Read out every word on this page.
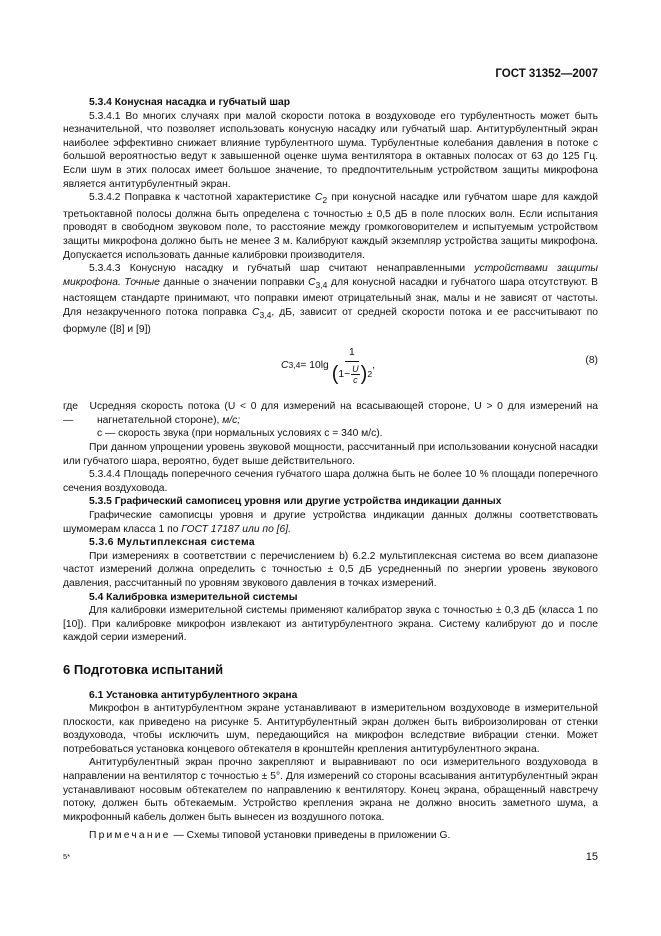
ГОСТ 31352—2007

5.3.4 Конусная насадка и губчатый шар

5.3.4.1 Во многих случаях при малой скорости потока в воздуховоде его турбулентность может быть незначительной, что позволяет использовать конусную насадку или губчатый шар. Антитурбулентный экран наиболее эффективно снижает влияние турбулентного шума. Турбулентные колебания давления в потоке с большой вероятностью ведут к завышенной оценке шума вентилятора в октавных полосах от 63 до 125 Гц. Если шум в этих полосах имеет большое значение, то предпочтительным устройством защиты микрофона является антитурбулентный экран.

5.3.4.2 Поправка к частотной характеристике $C_2$ при конусной насадке или губчатом шаре для каждой третьоктавной полосы должна быть определена с точностью ± 0,5 дБ в поле плоских волн. Если испытания проводят в свободном звуковом поле, то расстояние между громкоговорителем и испытуемым устройством защиты микрофона должно быть не менее 3 м. Калибруют каждый экземпляр устройства защиты микрофона. Допускается использовать данные калибровки производителя.

5.3.4.3 Конусную насадку и губчатый шар считают ненаправленными устройствами защиты микрофона. Точные данные о значении поправки $C_{3,4}$ для конусной насадки и губчатого шара отсутствуют. В настоящем стандарте принимают, что поправки имеют отрицательный знак, малы и не зависят от частоты. Для незакрученного потока поправка $C_{3,4}$, дБ, зависит от средней скорости потока и ее рассчитывают по формуле ([8] и [9])

C 3,4 = 10lg
1
( $1- \frac{U}{c}$ ) 2
,	(8)
где U —
средняя скорость потока (U < 0 для измерений на всасывающей стороне, U > 0 для измерений на нагнетательной стороне), м/с;

c — скорость звука (при нормальных условиях c = 340 м/с).

При данном упрощении уровень звуковой мощности, рассчитанный при использовании конусной насадки или губчатого шара, вероятно, будет выше действительного.

5.3.4.4 Площадь поперечного сечения губчатого шара должна быть не более 10 % площади поперечного сечения воздуховода.

5.3.5 Графический самописец уровня или другие устройства индикации данных

Графические самописцы уровня и другие устройства индикации данных должны соответствовать шумомерам класса 1 по ГОСТ 17187 или по [6].

5.3.6 Мультиплексная система

При измерениях в соответствии с перечислением b) 6.2.2 мультиплексная система во всем диапазоне частот измерений должна определить с точностью ± 0,5 дБ усредненный по энергии уровень звукового давления, рассчитанный по уровням звукового давления в точках измерений.

5.4 Калибровка измерительной системы

Для калибровки измерительной системы применяют калибратор звука с точностью ± 0,3 дБ (класса 1 по [10]). При калибровке микрофон извлекают из антитурбулентного экрана. Систему калибруют до и после каждой серии измерений.

6 Подготовка испытаний

6.1 Установка антитурбулентного экрана

Микрофон в антитурбулентном экране устанавливают в измерительном воздуховоде в измерительной плоскости, как приведено на рисунке 5. Антитурбулентный экран должен быть виброизолирован от стенки воздуховода, чтобы исключить шум, передающийся на микрофон вследствие вибрации стенки. Может потребоваться установка концевого обтекателя в кронштейн крепления антитурбулентного экрана.

Антитурбулентный экран прочно закрепляют и выравнивают по оси измерительного воздуховода в направлении на вентилятор с точностью ± 5°. Для измерений со стороны всасывания антитурбулентный экран устанавливают носовым обтекателем по направлению к вентилятору. Конец экрана, обращенный навстречу потоку, должен быть обтекаемым. Устройство крепления экрана не должно вносить заметного шума, а микрофонный кабель должен быть вынесен из воздушного потока.

Примечание — Схемы типовой установки приведены в приложении G.

5*	15
